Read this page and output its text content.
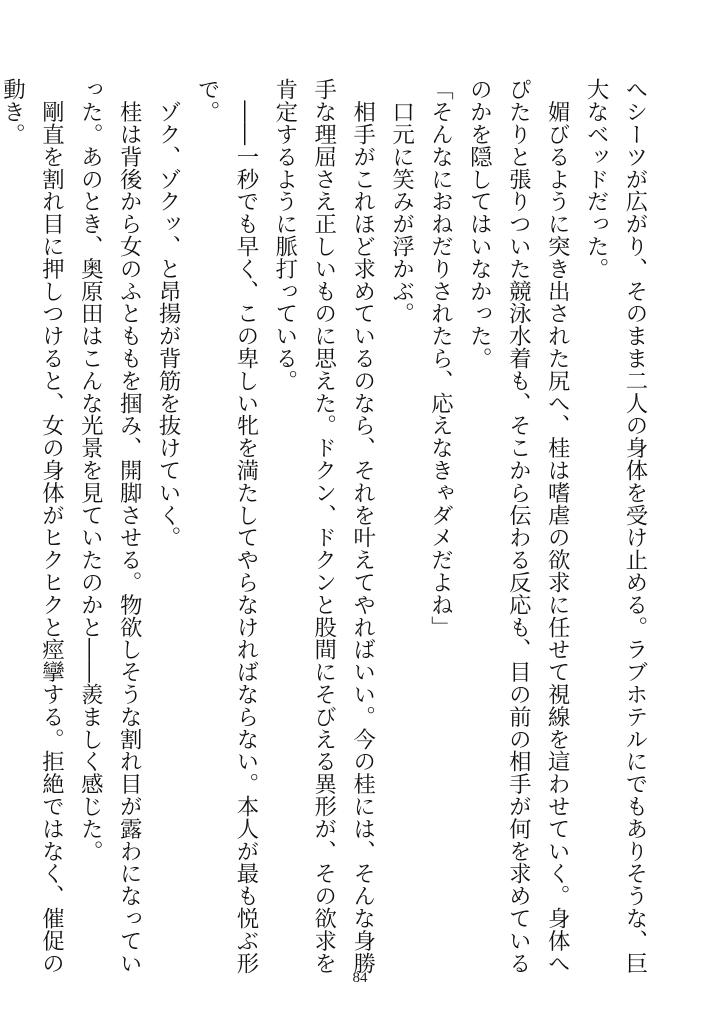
へシーツが広がり、そのまま二人の身体を受け止める。ラブホテルにでもありそうな、巨
大なベッドだった。
　媚びるように突き出された尻へ、桂は嗜虐の欲求に任せて視線を這わせていく。身体へ
ぴたりと張りついた競泳水着も、そこから伝わる反応も、目の前の相手が何を求めている
のかを隠してはいなかった。
「そんなにおねだりされたら、応えなきゃダメだよね」
　口元に笑みが浮かぶ。
　相手がこれほど求めているのなら、それを叶えてやればいい。今の桂には、そんな身勝
手な理屈さえ正しいものに思えた。ドクン、ドクンと股間にそびえる異形が、その欲求を
肯定するように脈打っている。
　――一秒でも早く、この卑しい牝を満たしてやらなければならない。本人が最も悦ぶ形
で。
　ゾク、ゾクッ、と昂揚が背筋を抜けていく。
　桂は背後から女のふとももを掴み、開脚させる。物欲しそうな割れ目が露わになってい
った。あのとき、奥原田はこんな光景を見ていたのかと――羨ましく感じた。
　剛直を割れ目に押しつけると、女の身体がヒクヒクと痙攣する。拒絶ではなく、催促の
動き。
84
